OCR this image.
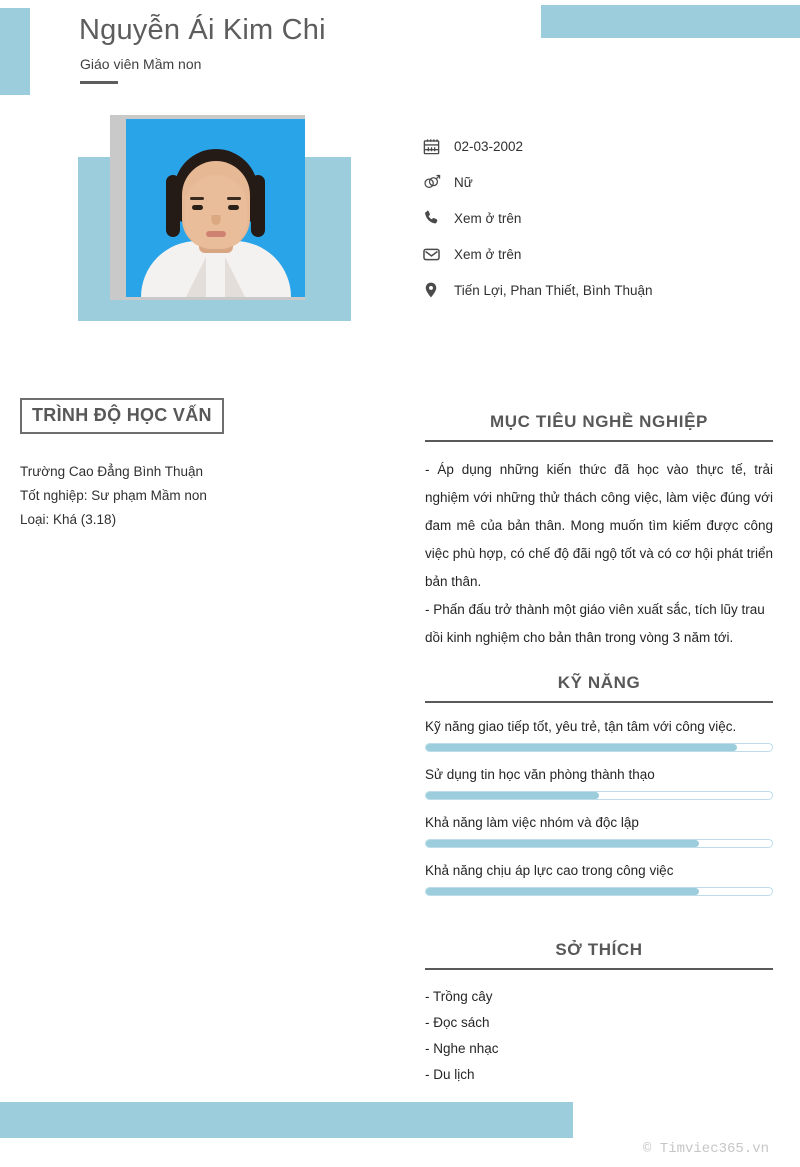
Nguyễn Ái Kim Chi
Giáo viên Mầm non
02-03-2002
Nữ
Xem ở trên
Xem ở trên
Tiến Lợi, Phan Thiết, Bình Thuận
TRÌNH ĐỘ HỌC VẤN
Trường Cao Đẳng Bình Thuận
Tốt nghiệp: Sư phạm Mầm non
Loại: Khá (3.18)
MỤC TIÊU NGHỀ NGHIỆP

- Áp dụng những kiến thức đã học vào thực tế, trải nghiệm với những thử thách công việc, làm việc đúng với đam mê của bản thân. Mong muốn tìm kiếm được công việc phù hợp, có chế độ đãi ngộ tốt và có cơ hội phát triển bản thân.

- Phấn đấu trở thành một giáo viên xuất sắc, tích lũy trau dồi kinh nghiệm cho bản thân trong vòng 3 năm tới.

KỸ NĂNG
Kỹ năng giao tiếp tốt, yêu trẻ, tận tâm với công việc.
Sử dụng tin học văn phòng thành thạo
Khả năng làm việc nhóm và độc lập
Khả năng chịu áp lực cao trong công việc
SỞ THÍCH
- Trồng cây
- Đọc sách
- Nghe nhạc
- Du lịch
© Timviec365.vn
